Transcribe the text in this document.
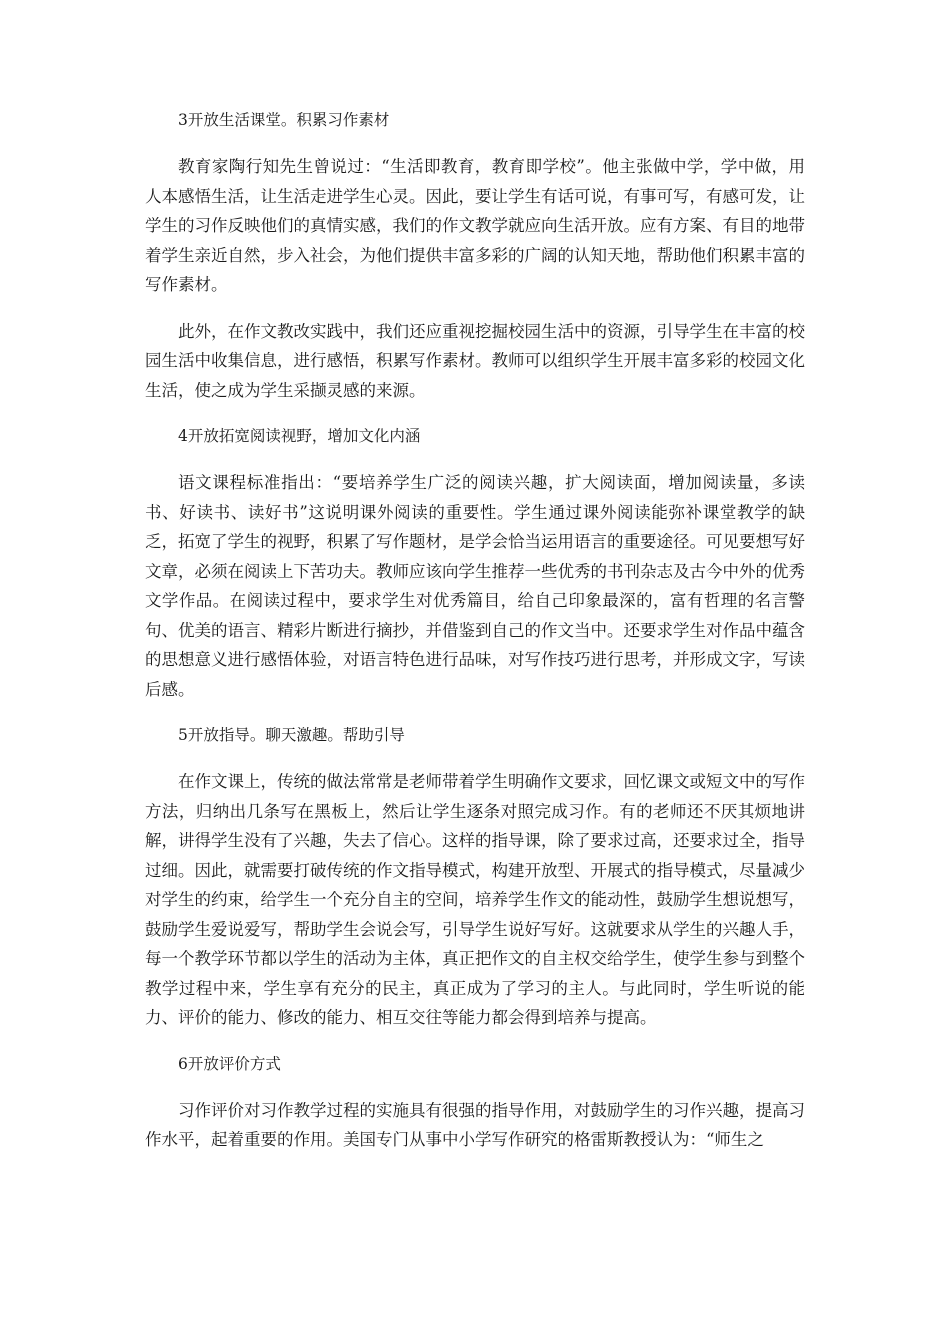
3开放生活课堂。积累习作素材

教育家陶行知先生曾说过：“生活即教育，教育即学校”。他主张做中学，学中做，用人本感悟生活，让生活走进学生心灵。因此，要让学生有话可说，有事可写，有感可发，让学生的习作反映他们的真情实感，我们的作文教学就应向生活开放。应有方案、有目的地带着学生亲近自然，步入社会，为他们提供丰富多彩的广阔的认知天地，帮助他们积累丰富的写作素材。

此外，在作文教改实践中，我们还应重视挖掘校园生活中的资源，引导学生在丰富的校园生活中收集信息，进行感悟，积累写作素材。教师可以组织学生开展丰富多彩的校园文化生活，使之成为学生采撷灵感的来源。

4开放拓宽阅读视野，增加文化内涵

语文课程标准指出：“要培养学生广泛的阅读兴趣，扩大阅读面，增加阅读量，多读书、好读书、读好书”这说明课外阅读的重要性。学生通过课外阅读能弥补课堂教学的缺乏，拓宽了学生的视野，积累了写作题材，是学会恰当运用语言的重要途径。可见要想写好文章，必须在阅读上下苦功夫。教师应该向学生推荐一些优秀的书刊杂志及古今中外的优秀文学作品。在阅读过程中，要求学生对优秀篇目，给自己印象最深的，富有哲理的名言警句、优美的语言、精彩片断进行摘抄，并借鉴到自己的作文当中。还要求学生对作品中蕴含的思想意义进行感悟体验，对语言特色进行品味，对写作技巧进行思考，并形成文字，写读后感。

5开放指导。聊天激趣。帮助引导

在作文课上，传统的做法常常是老师带着学生明确作文要求，回忆课文或短文中的写作方法，归纳出几条写在黑板上，然后让学生逐条对照完成习作。有的老师还不厌其烦地讲解，讲得学生没有了兴趣，失去了信心。这样的指导课，除了要求过高，还要求过全，指导过细。因此，就需要打破传统的作文指导模式，构建开放型、开展式的指导模式，尽量减少对学生的约束，给学生一个充分自主的空间，培养学生作文的能动性，鼓励学生想说想写，鼓励学生爱说爱写，帮助学生会说会写，引导学生说好写好。这就要求从学生的兴趣人手，每一个教学环节都以学生的活动为主体，真正把作文的自主权交给学生，使学生参与到整个教学过程中来，学生享有充分的民主，真正成为了学习的主人。与此同时，学生听说的能力、评价的能力、修改的能力、相互交往等能力都会得到培养与提高。

6开放评价方式

习作评价对习作教学过程的实施具有很强的指导作用，对鼓励学生的习作兴趣，提高习作水平，起着重要的作用。美国专门从事中小学写作研究的格雷斯教授认为：“师生之
